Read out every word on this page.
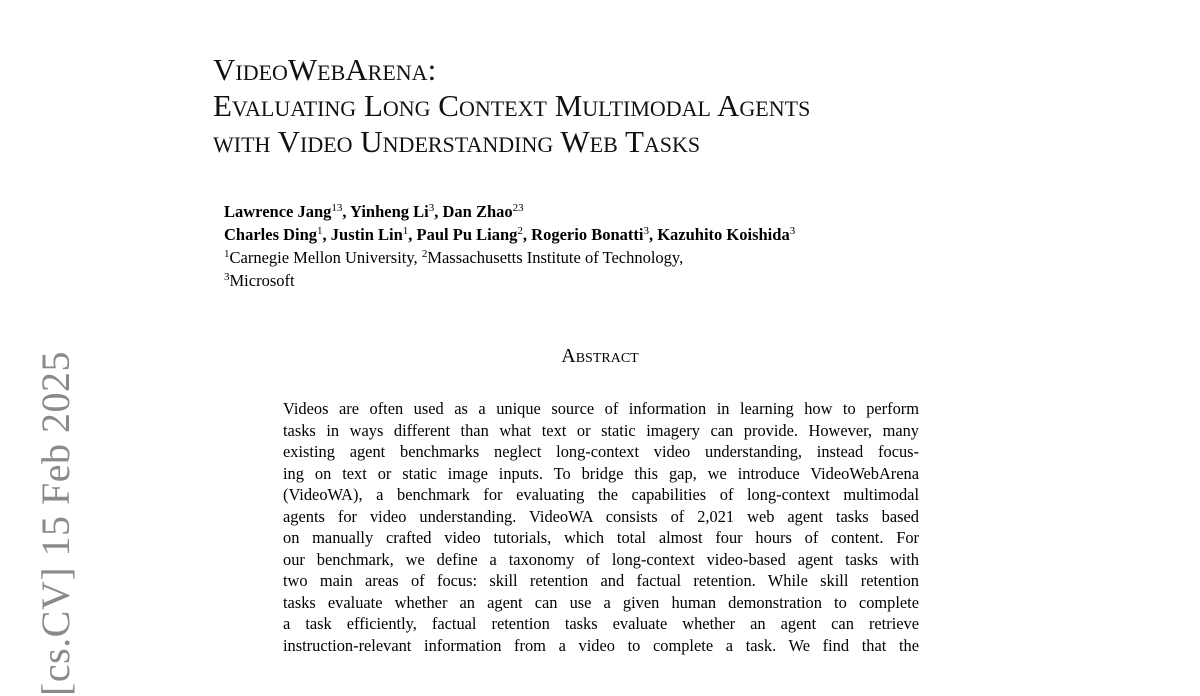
[cs.CV] 15 Feb 2025
VideoWebArena:
Evaluating Long Context Multimodal Agents
with Video Understanding Web Tasks
Lawrence Jang$^{13}$, Yinheng Li$^3$, Dan Zhao$^{23}$
Charles Ding$^1$, Justin Lin$^1$, Paul Pu Liang$^2$, Rogerio Bonatti$^3$, Kazuhito Koishida$^3$
$^1$Carnegie Mellon University, $^2$Massachusetts Institute of Technology,
$^3$Microsoft
Abstract
Videos are often used as a unique source of information in learning how to perform
tasks in ways different than what text or static imagery can provide. However, many
existing agent benchmarks neglect long-context video understanding, instead focus-
ing on text or static image inputs. To bridge this gap, we introduce VideoWebArena
(VideoWA), a benchmark for evaluating the capabilities of long-context multimodal
agents for video understanding. VideoWA consists of 2,021 web agent tasks based
on manually crafted video tutorials, which total almost four hours of content. For
our benchmark, we define a taxonomy of long-context video-based agent tasks with
two main areas of focus: skill retention and factual retention. While skill retention
tasks evaluate whether an agent can use a given human demonstration to complete
a task efficiently, factual retention tasks evaluate whether an agent can retrieve
instruction-relevant information from a video to complete a task. We find that the
